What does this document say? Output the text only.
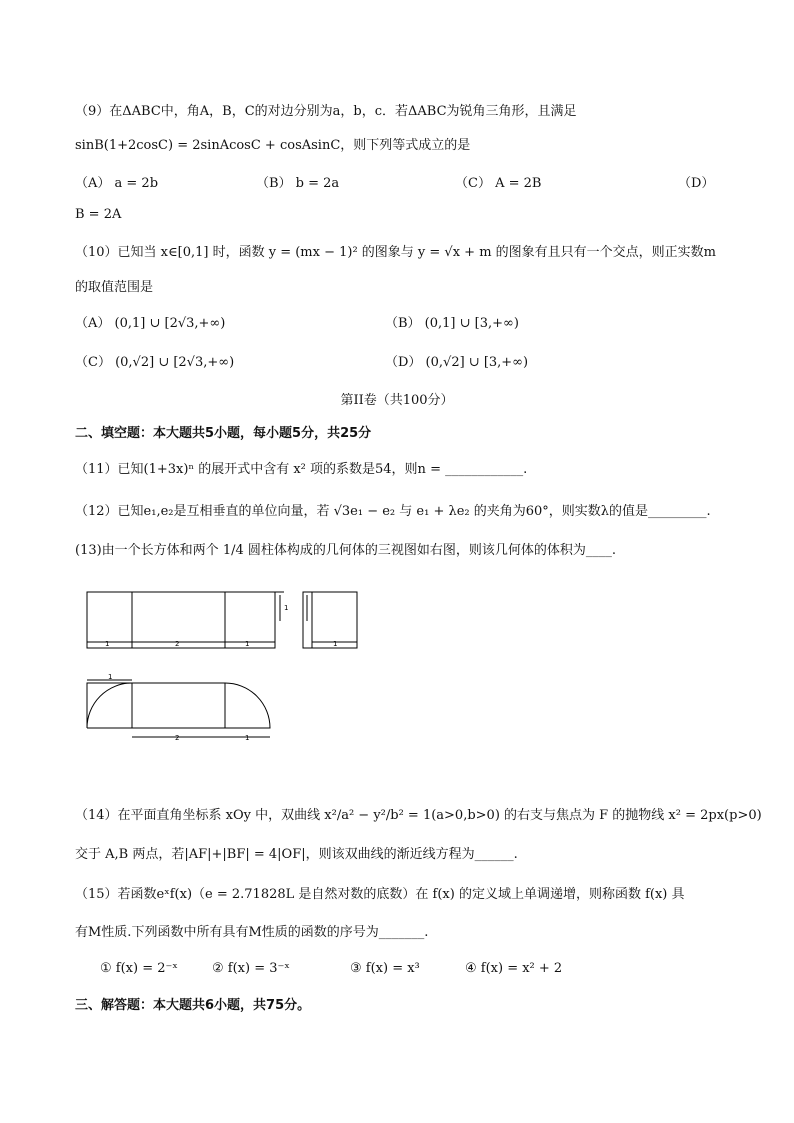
（9）在ΔABC中，角A，B，C的对边分别为a，b，c．若ΔABC为锐角三角形，且满足
sinB(1+2cosC) = 2sinAcosC + cosAsinC，则下列等式成立的是
（A） a = 2b	（B） b = 2a	（C） A = 2B	（D）
B = 2A
（10）已知当 x∈[0,1] 时，函数 y = (mx − 1)² 的图象与 y = √x + m 的图象有且只有一个交点，则正实数m
的取值范围是
（A） (0,1] ∪ [2√3,+∞)	（B） (0,1] ∪ [3,+∞)
（C） (0,√2] ∪ [2√3,+∞)	（D） (0,√2] ∪ [3,+∞)
第II卷（共100分）
二、填空题：本大题共5小题，每小题5分，共25分
（11）已知(1+3x)ⁿ 的展开式中含有 x² 项的系数是54，则n = ____________.
（12）已知e₁,e₂是互相垂直的单位向量，若 √3e₁ − e₂ 与 e₁ + λe₂ 的夹角为60°，则实数λ的值是_________.
(13)由一个长方体和两个 1/4 圆柱体构成的几何体的三视图如右图，则该几何体的体积为____.
1	2	1
1
1
1
2	1
（14）在平面直角坐标系 xOy 中，双曲线 x²/a² − y²/b² = 1(a>0,b>0) 的右支与焦点为 F 的抛物线 x² = 2px(p>0)
交于 A,B 两点，若|AF|+|BF| = 4|OF|，则该双曲线的渐近线方程为______.
（15）若函数eˣf(x)（e = 2.71828L 是自然对数的底数）在 f(x) 的定义域上单调递增，则称函数 f(x) 具
有M性质.下列函数中所有具有M性质的函数的序号为_______.
① f(x) = 2⁻ˣ	② f(x) = 3⁻ˣ	③ f(x) = x³	④ f(x) = x² + 2
三、解答题：本大题共6小题，共75分。
